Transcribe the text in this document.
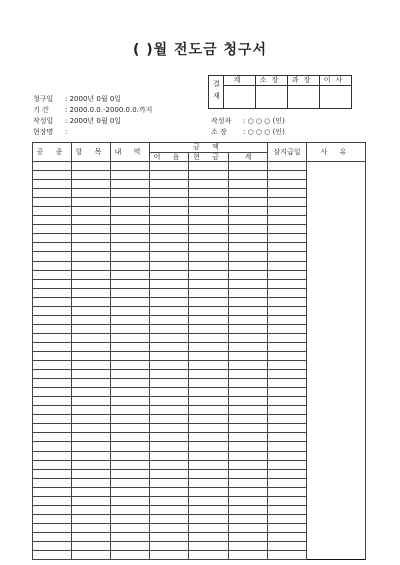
( )월 전도금 청구서
결재	계	소장	과장	이사

청구일 : 2000년 0월 0일
기 간 : 2000.0.0.-2000.0.0.까지
작성일 : 2000년 0월 0일
현장명 :
작성자 : ○ ○ ○ (인)
소 장 : ○ ○ ○ (인)
공 종	항 목	내 역	금 액			삼지급일	사 유
			어 음	현 금	계		
